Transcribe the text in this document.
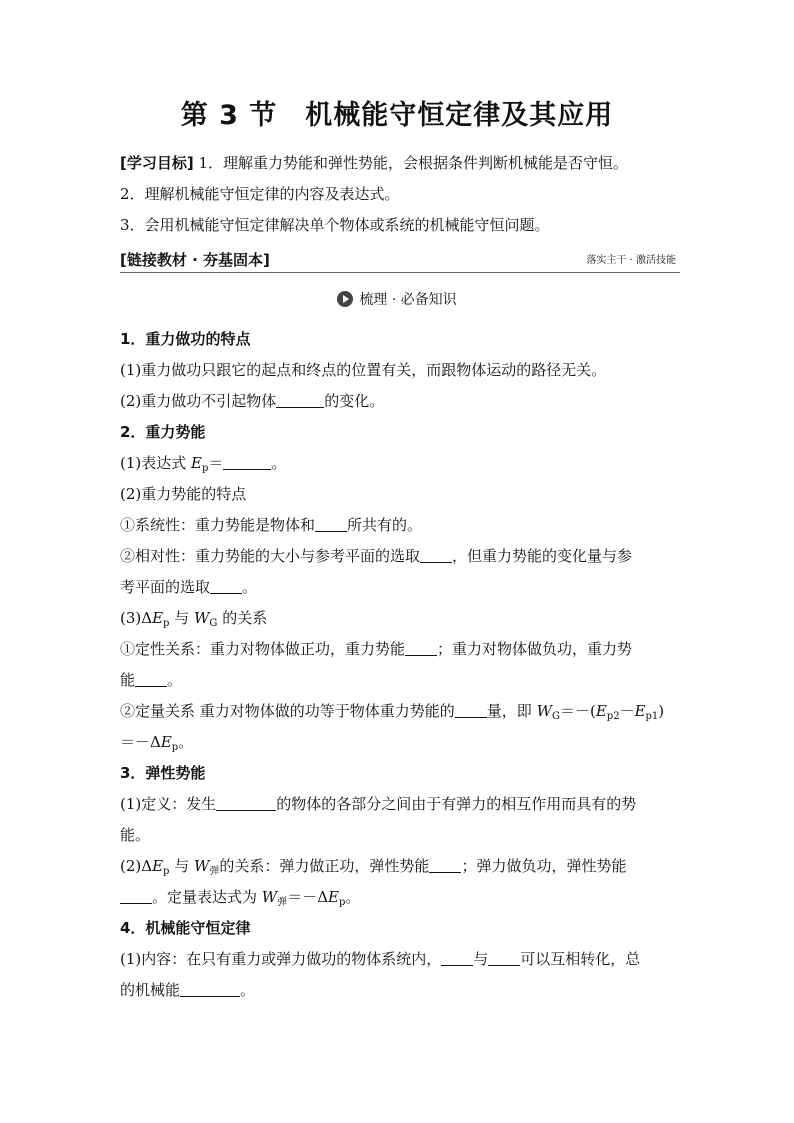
第 3 节　机械能守恒定律及其应用
[学习目标] 1．理解重力势能和弹性势能，会根据条件判断机械能是否守恒。
2．理解机械能守恒定律的内容及表达式。
3．会用机械能守恒定律解决单个物体或系统的机械能守恒问题。
[链接教材 · 夯基固本]	落实主干 · 激活技能
梳理 · 必备知识
1．重力做功的特点
(1)重力做功只跟它的起点和终点的位置有关，而跟物体运动的路径无关。
(2)重力做功不引起物体	的变化。
2．重力势能
(1)表达式 $E_p=$	。
(2)重力势能的特点
①系统性：重力势能是物体和 所共有的。
②相对性：重力势能的大小与参考平面的选取 ，但重力势能的变化量与参
考平面的选取 。
$(3)\Delta E_p$ 与 $W_G$ 的关系
①定性关系：重力对物体做正功，重力势能 ；重力对物体做负功，重力势
能 。
②定量关系 重力对物体做的功等于物体重力势能的 量，即 $W_G=-(E_{p2}-E_{p1})$
$=-\Delta E_p$。
3．弹性势能
(1)定义：发生	的物体的各部分之间由于有弹力的相互作用而具有的势
能。
$(2)\Delta E_p$ 与 $W_弹$的关系：弹力做正功，弹性势能 ；弹力做负功，弹性势能
。定量表达式为 $W_弹=-\Delta E_p$。
4．机械能守恒定律
(1)内容：在只有重力或弹力做功的物体系统内， 与 可以互相转化，总
的机械能	。
